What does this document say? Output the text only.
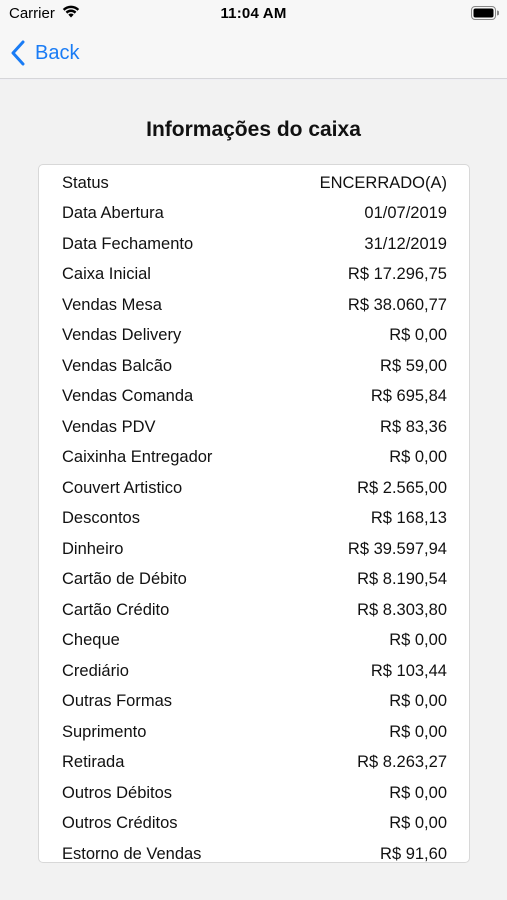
Carrier	11:04 AM
Back
Informações do caixa
Status	ENCERRADO(A)
Data Abertura	01/07/2019
Data Fechamento	31/12/2019
Caixa Inicial	R$ 17.296,75
Vendas Mesa	R$ 38.060,77
Vendas Delivery	R$ 0,00
Vendas Balcão	R$ 59,00
Vendas Comanda	R$ 695,84
Vendas PDV	R$ 83,36
Caixinha Entregador	R$ 0,00
Couvert Artistico	R$ 2.565,00
Descontos	R$ 168,13
Dinheiro	R$ 39.597,94
Cartão de Débito	R$ 8.190,54
Cartão Crédito	R$ 8.303,80
Cheque	R$ 0,00
Crediário	R$ 103,44
Outras Formas	R$ 0,00
Suprimento	R$ 0,00
Retirada	R$ 8.263,27
Outros Débitos	R$ 0,00
Outros Créditos	R$ 0,00
Estorno de Vendas	R$ 91,60
